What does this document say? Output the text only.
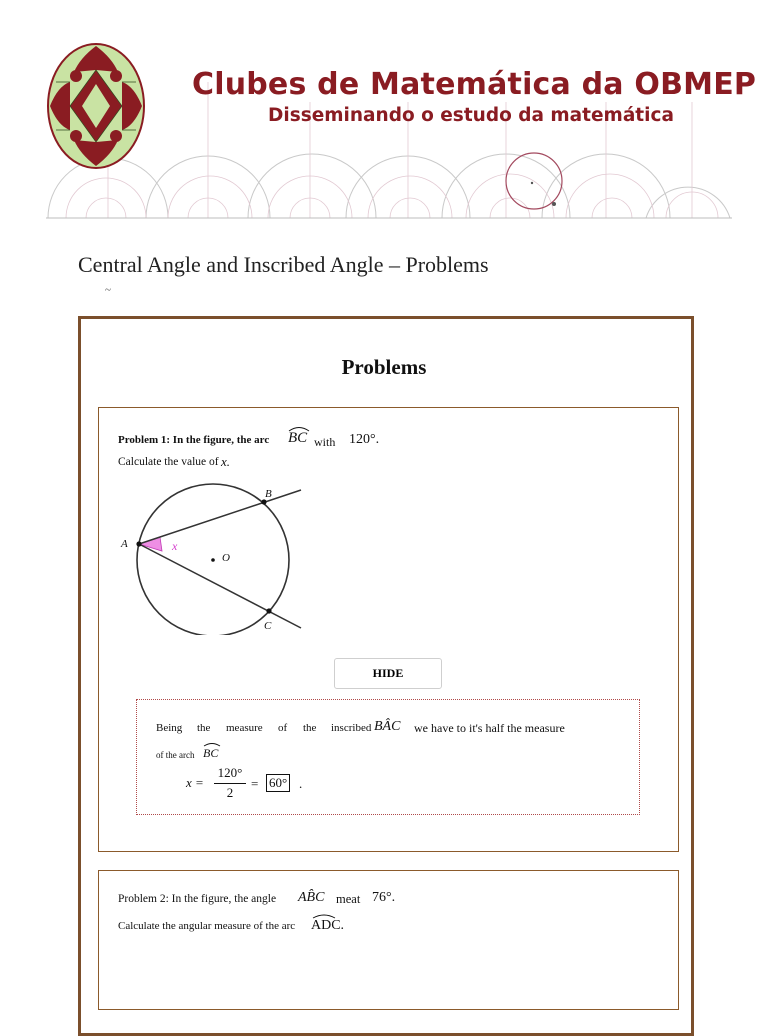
Clubes de Matemática da OBMEP

Disseminando o estudo da matemática

Central Angle and Inscribed Angle – Problems
~
Problems
Problem 1: In the figure, the arc BC with 120°.
Calculate the value of x.
A
B
C
O
x
HIDE
Being the measure of the inscribed BÂC we have to it's half the measure
of the arch BC
x =
120°
2
= 60° .
Problem 2: In the figure, the angle AB̂C meat 76°.
Calculate the angular measure of the arc ADC.
